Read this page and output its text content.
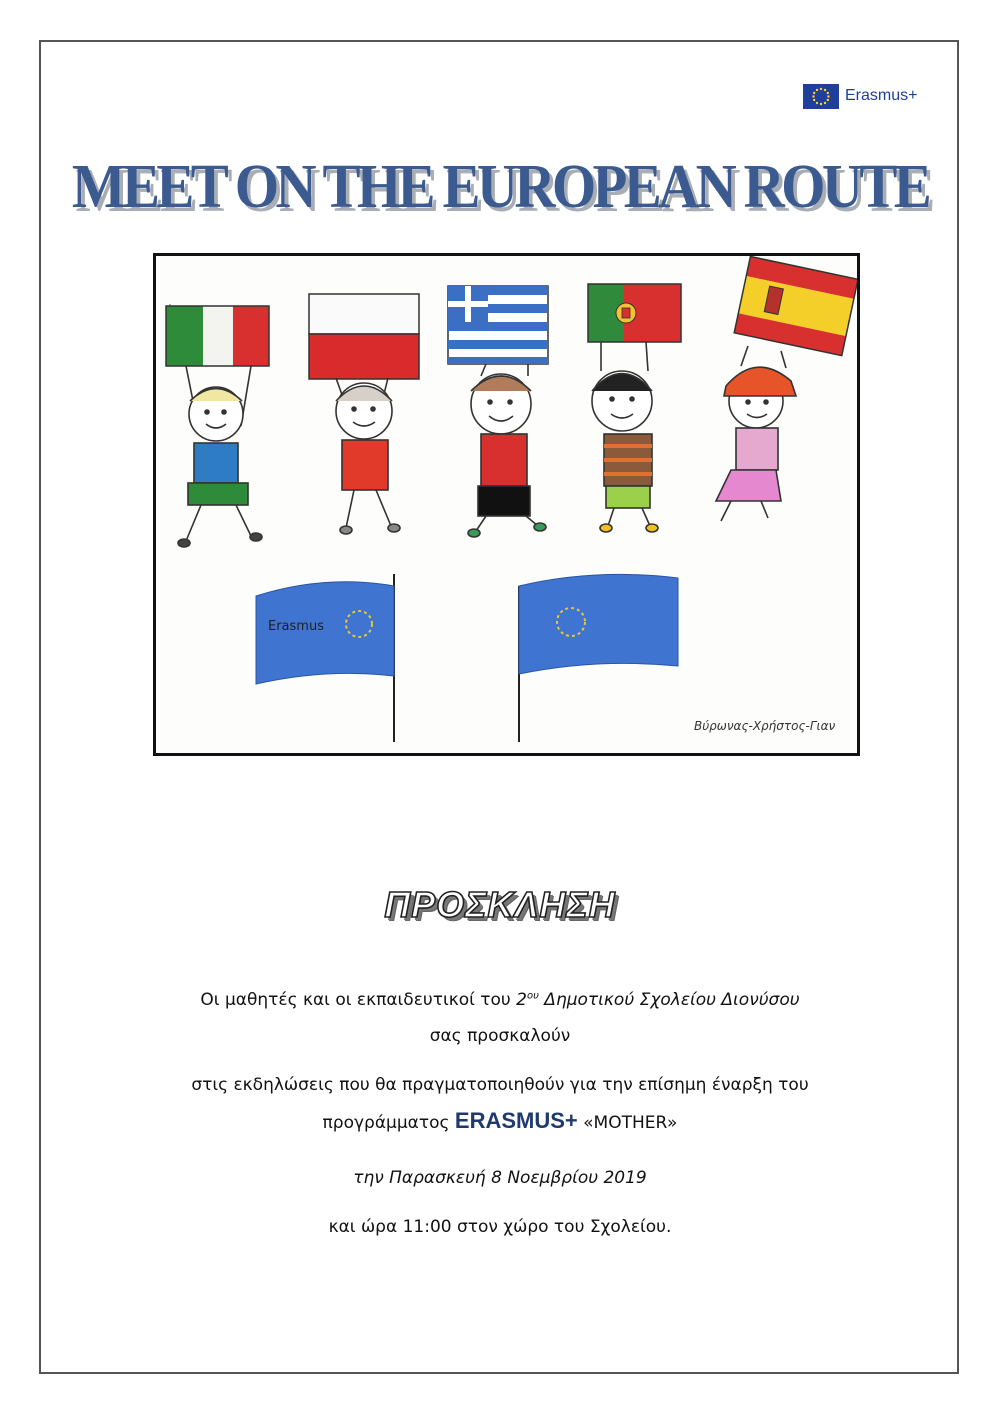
Erasmus+
MEET ON THE EUROPEAN ROUTE
Erasmus
Βύρωνας-Χρήστος-Γιαν
ΠΡΟΣΚΛΗΣΗ
Οι μαθητές και οι εκπαιδευτικοί του $2^{o\upsilon}$ Δημοτικού Σχολείου Διονύσου
σας προσκαλούν
στις εκδηλώσεις που θα πραγματοποιηθούν για την επίσημη έναρξη του
προγράμματος ERASMUS+ «MOTHER»
την Παρασκευή 8 Νοεμβρίου 2019
και ώρα 11:00 στον χώρο του Σχολείου.
